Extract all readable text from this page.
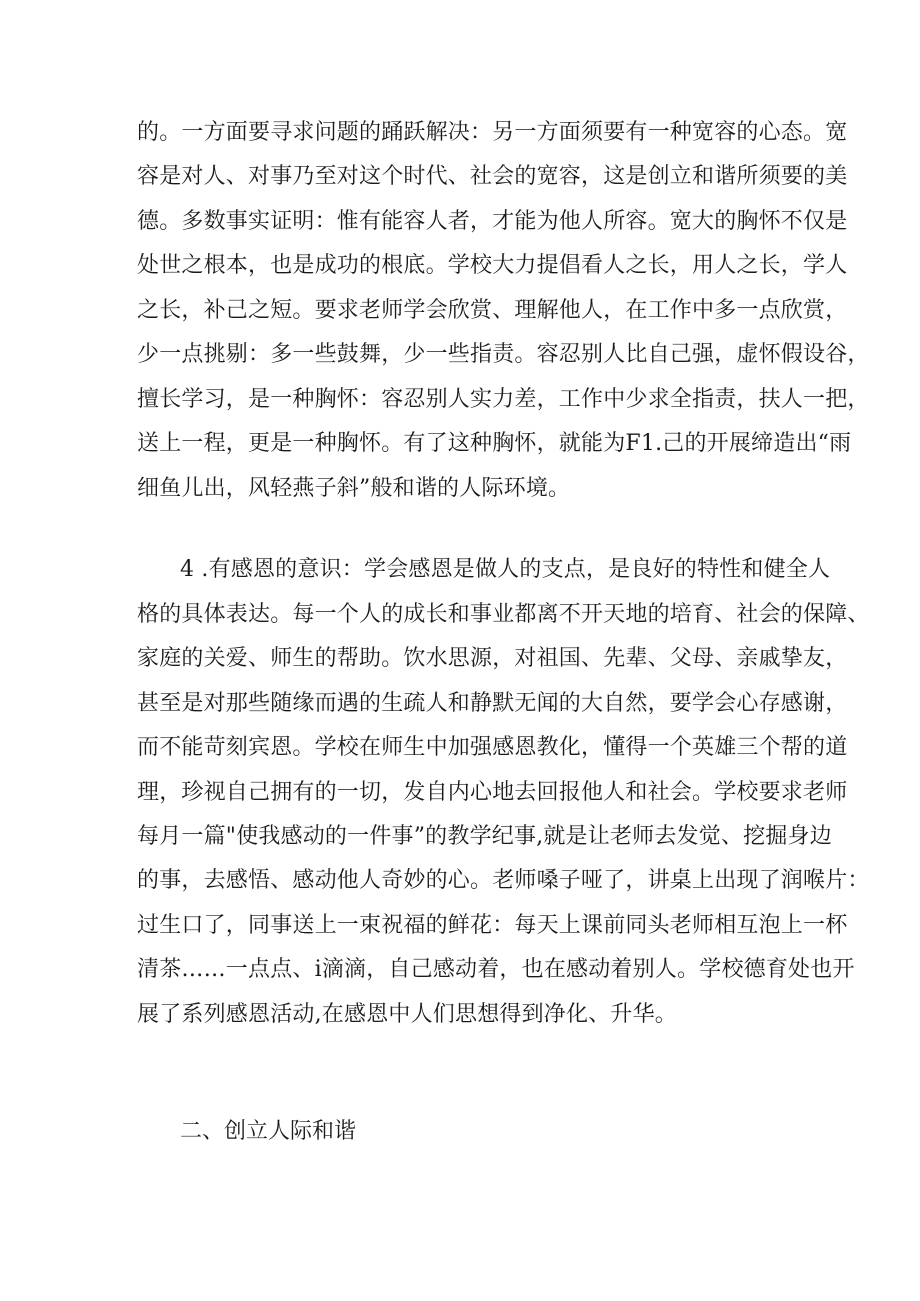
的。一方面要寻求问题的踊跃解决：另一方面须要有一种宽容的心态。宽
容是对人、对事乃至对这个时代、社会的宽容，这是创立和谐所须要的美
德。多数事实证明：惟有能容人者，才能为他人所容。宽大的胸怀不仅是
处世之根本，也是成功的根底。学校大力提倡看人之长，用人之长，学人
之长，补己之短。要求老师学会欣赏、理解他人，在工作中多一点欣赏，
少一点挑剔：多一些鼓舞，少一些指责。容忍别人比自己强，虚怀假设谷，
擅长学习，是一种胸怀：容忍别人实力差，工作中少求全指责，扶人一把，
送上一程，更是一种胸怀。有了这种胸怀，就能为F1.己的开展缔造出“雨
细鱼儿出，风轻燕子斜”般和谐的人际环境。
4 .有感恩的意识：学会感恩是做人的支点，是良好的特性和健全人
格的具体表达。每一个人的成长和事业都离不开天地的培育、社会的保障、
家庭的关爱、师生的帮助。饮水思源，对祖国、先辈、父母、亲戚挚友，
甚至是对那些随缘而遇的生疏人和静默无闻的大自然，要学会心存感谢，
而不能苛刻宾恩。学校在师生中加强感恩教化，懂得一个英雄三个帮的道
理，珍视自己拥有的一切，发自内心地去回报他人和社会。学校要求老师
每月一篇"使我感动的一件事”的教学纪事,就是让老师去发觉、挖掘身边
的事，去感悟、感动他人奇妙的心。老师嗓子哑了，讲桌上出现了润喉片：
过生口了，同事送上一束祝福的鲜花：每天上课前同头老师相互泡上一杯
清茶……一点点、i滴滴，自己感动着，也在感动着别人。学校德育处也开
展了系列感恩活动,在感恩中人们思想得到净化、升华。
二、创立人际和谐
